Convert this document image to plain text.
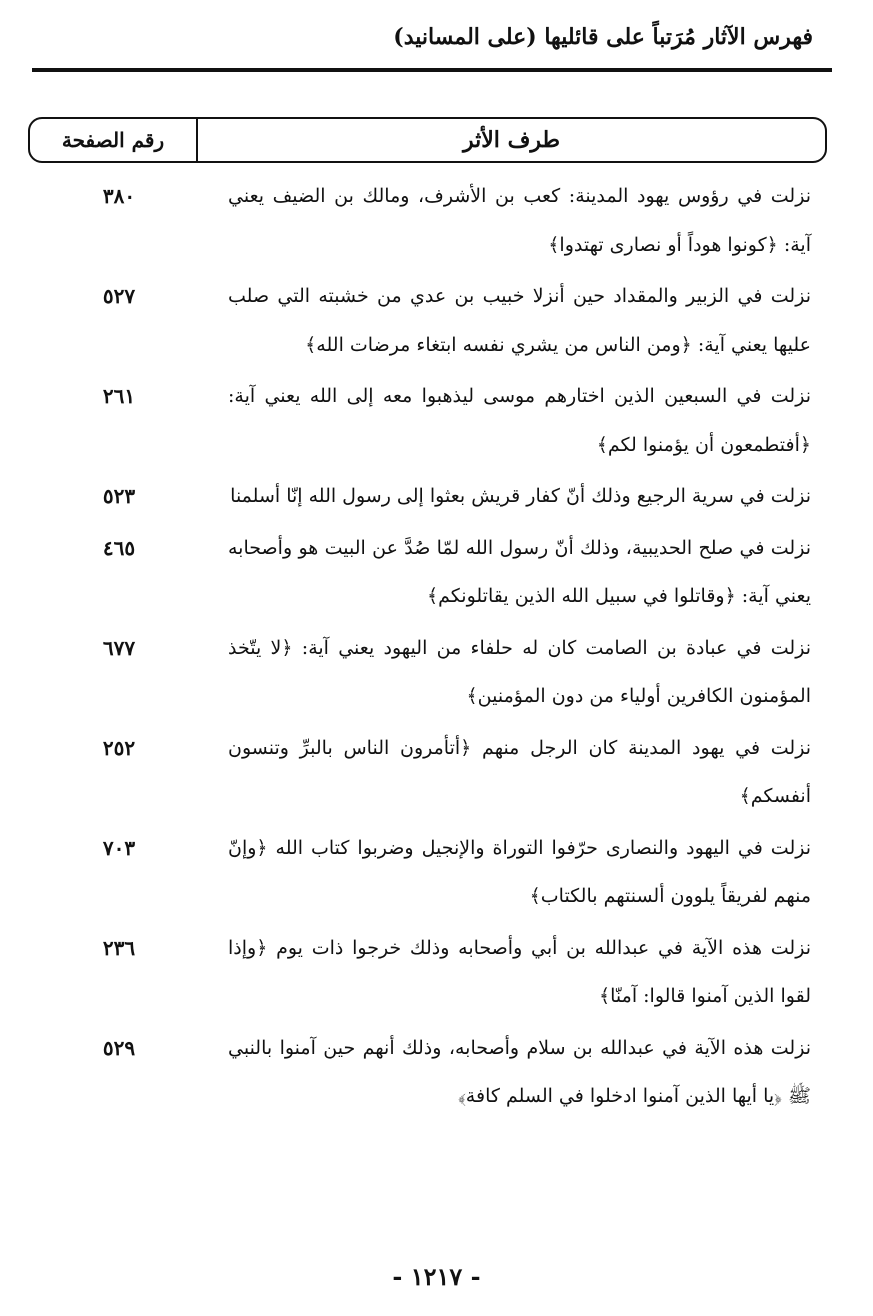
فهرس الآثار مُرَتباً على قائليها (على المسانيد)
طرف الأثر
رقم الصفحة
نزلت في رؤوس يهود المدينة: كعب بن الأشرف، ومالك بن الضيف يعني آية: ﴿كونوا هوداً أو نصارى تهتدوا﴾
٣٨٠
نزلت في الزبير والمقداد حين أنزلا خبيب بن عدي من خشبته التي صلب عليها يعني آية: ﴿ومن الناس من يشري نفسه ابتغاء مرضات الله﴾
٥٢٧
نزلت في السبعين الذين اختارهم موسى ليذهبوا معه إلى الله يعني آية: ﴿أفتطمعون أن يؤمنوا لكم﴾
٢٦١
نزلت في سرية الرجيع وذلك أنّ كفار قريش بعثوا إلى رسول الله إنّا أسلمنا
٥٢٣
نزلت في صلح الحديبية، وذلك أنّ رسول الله لمّا صُدَّ عن البيت هو وأصحابه يعني آية: ﴿وقاتلوا في سبيل الله الذين يقاتلونكم﴾
٤٦٥
نزلت في عبادة بن الصامت كان له حلفاء من اليهود يعني آية: ﴿لا يتّخذ المؤمنون الكافرين أولياء من دون المؤمنين﴾
٦٧٧
نزلت في يهود المدينة كان الرجل منهم ﴿أتأمرون الناس بالبرِّ وتنسون أنفسكم﴾
٢٥٢
نزلت في اليهود والنصارى حرّفوا التوراة والإنجيل وضربوا كتاب الله ﴿وإنّ منهم لفريقاً يلوون ألسنتهم بالكتاب﴾
٧٠٣
نزلت هذه الآية في عبدالله بن أبي وأصحابه وذلك خرجوا ذات يوم ﴿وإذا لقوا الذين آمنوا قالوا: آمنّا﴾
٢٣٦
نزلت هذه الآية في عبدالله بن سلام وأصحابه، وذلك أنهم حين آمنوا بالنبي ﷺ ﴿يا أيها الذين آمنوا ادخلوا في السلم كافة﴾
٥٢٩
- ١٢١٧ -
